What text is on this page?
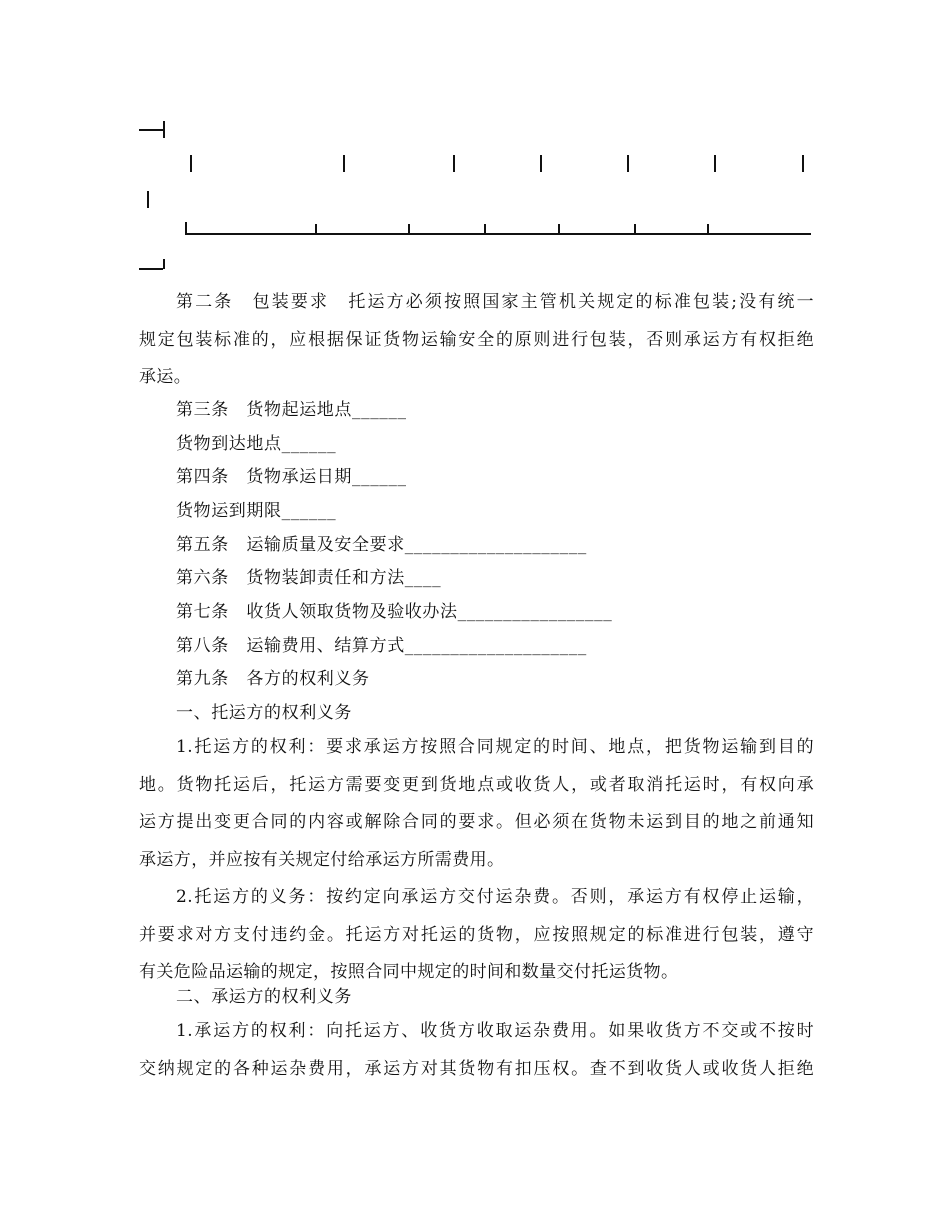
第二条　包装要求　托运方必须按照国家主管机关规定的标准包装;没有统一
规定包装标准的，应根据保证货物运输安全的原则进行包装，否则承运方有权拒绝
承运。
第三条　货物起运地点______
货物到达地点______
第四条　货物承运日期______
货物运到期限______
第五条　运输质量及安全要求____________________
第六条　货物装卸责任和方法____
第七条　收货人领取货物及验收办法_________________
第八条　运输费用、结算方式____________________
第九条　各方的权利义务
一、托运方的权利义务
1.托运方的权利：要求承运方按照合同规定的时间、地点，把货物运输到目的
地。货物托运后，托运方需要变更到货地点或收货人，或者取消托运时，有权向承
运方提出变更合同的内容或解除合同的要求。但必须在货物未运到目的地之前通知
承运方，并应按有关规定付给承运方所需费用。
2.托运方的义务：按约定向承运方交付运杂费。否则，承运方有权停止运输，
并要求对方支付违约金。托运方对托运的货物，应按照规定的标准进行包装，遵守
有关危险品运输的规定，按照合同中规定的时间和数量交付托运货物。
二、承运方的权利义务
1.承运方的权利：向托运方、收货方收取运杂费用。如果收货方不交或不按时
交纳规定的各种运杂费用，承运方对其货物有扣压权。查不到收货人或收货人拒绝
